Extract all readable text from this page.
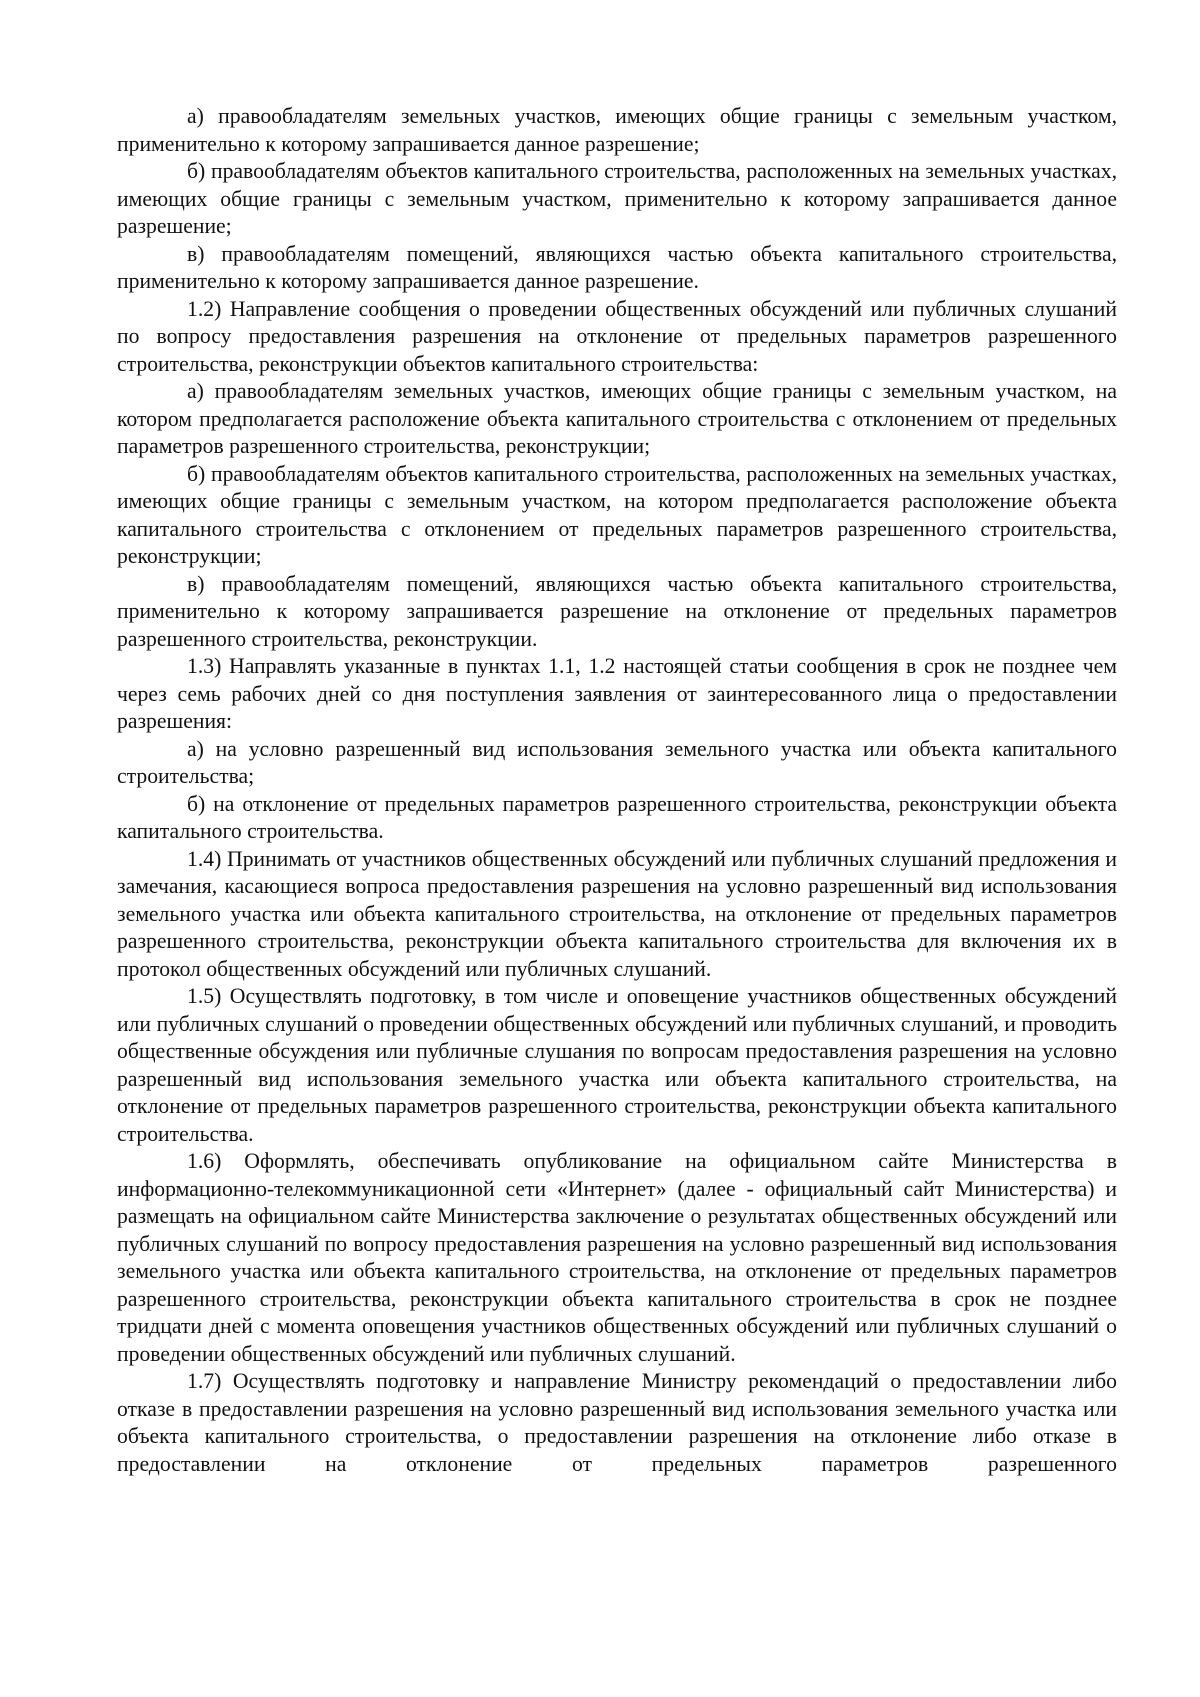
а) правообладателям земельных участков, имеющих общие границы с земельным участком, применительно к которому запрашивается данное разрешение;

б) правообладателям объектов капитального строительства, расположенных на земельных участках, имеющих общие границы с земельным участком, применительно к которому запрашивается данное разрешение;

в) правообладателям помещений, являющихся частью объекта капитального строительства, применительно к которому запрашивается данное разрешение.

1.2) Направление сообщения о проведении общественных обсуждений или публичных слушаний по вопросу предоставления разрешения на отклонение от предельных параметров разрешенного строительства, реконструкции объектов капитального строительства:

а) правообладателям земельных участков, имеющих общие границы с земельным участком, на котором предполагается расположение объекта капитального строительства с отклонением от предельных параметров разрешенного строительства, реконструкции;

б) правообладателям объектов капитального строительства, расположенных на земельных участках, имеющих общие границы с земельным участком, на котором предполагается расположение объекта капитального строительства с отклонением от предельных параметров разрешенного строительства, реконструкции;

в) правообладателям помещений, являющихся частью объекта капитального строительства, применительно к которому запрашивается разрешение на отклонение от предельных параметров разрешенного строительства, реконструкции.

1.3) Направлять указанные в пунктах 1.1, 1.2 настоящей статьи сообщения в срок не позднее чем через семь рабочих дней со дня поступления заявления от заинтересованного лица о предоставлении разрешения:

а) на условно разрешенный вид использования земельного участка или объекта капитального строительства;

б) на отклонение от предельных параметров разрешенного строительства, реконструкции объекта капитального строительства.

1.4) Принимать от участников общественных обсуждений или публичных слушаний предложения и замечания, касающиеся вопроса предоставления разрешения на условно разрешенный вид использования земельного участка или объекта капитального строительства, на отклонение от предельных параметров разрешенного строительства, реконструкции объекта капитального строительства для включения их в протокол общественных обсуждений или публичных слушаний.

1.5) Осуществлять подготовку, в том числе и оповещение участников общественных обсуждений или публичных слушаний о проведении общественных обсуждений или публичных слушаний, и проводить общественные обсуждения или публичные слушания по вопросам предоставления разрешения на условно разрешенный вид использования земельного участка или объекта капитального строительства, на отклонение от предельных параметров разрешенного строительства, реконструкции объекта капитального строительства.

1.6) Оформлять, обеспечивать опубликование на официальном сайте Министерства в информационно-телекоммуникационной сети «Интернет» (далее - официальный сайт Министерства) и размещать на официальном сайте Министерства заключение о результатах общественных обсуждений или публичных слушаний по вопросу предоставления разрешения на условно разрешенный вид использования земельного участка или объекта капитального строительства, на отклонение от предельных параметров разрешенного строительства, реконструкции объекта капитального строительства в срок не позднее тридцати дней с момента оповещения участников общественных обсуждений или публичных слушаний о проведении общественных обсуждений или публичных слушаний.

1.7) Осуществлять подготовку и направление Министру рекомендаций о предоставлении либо отказе в предоставлении разрешения на условно разрешенный вид использования земельного участка или объекта капитального строительства, о предоставлении разрешения на отклонение либо отказе в предоставлении на отклонение от предельных параметров разрешенного
